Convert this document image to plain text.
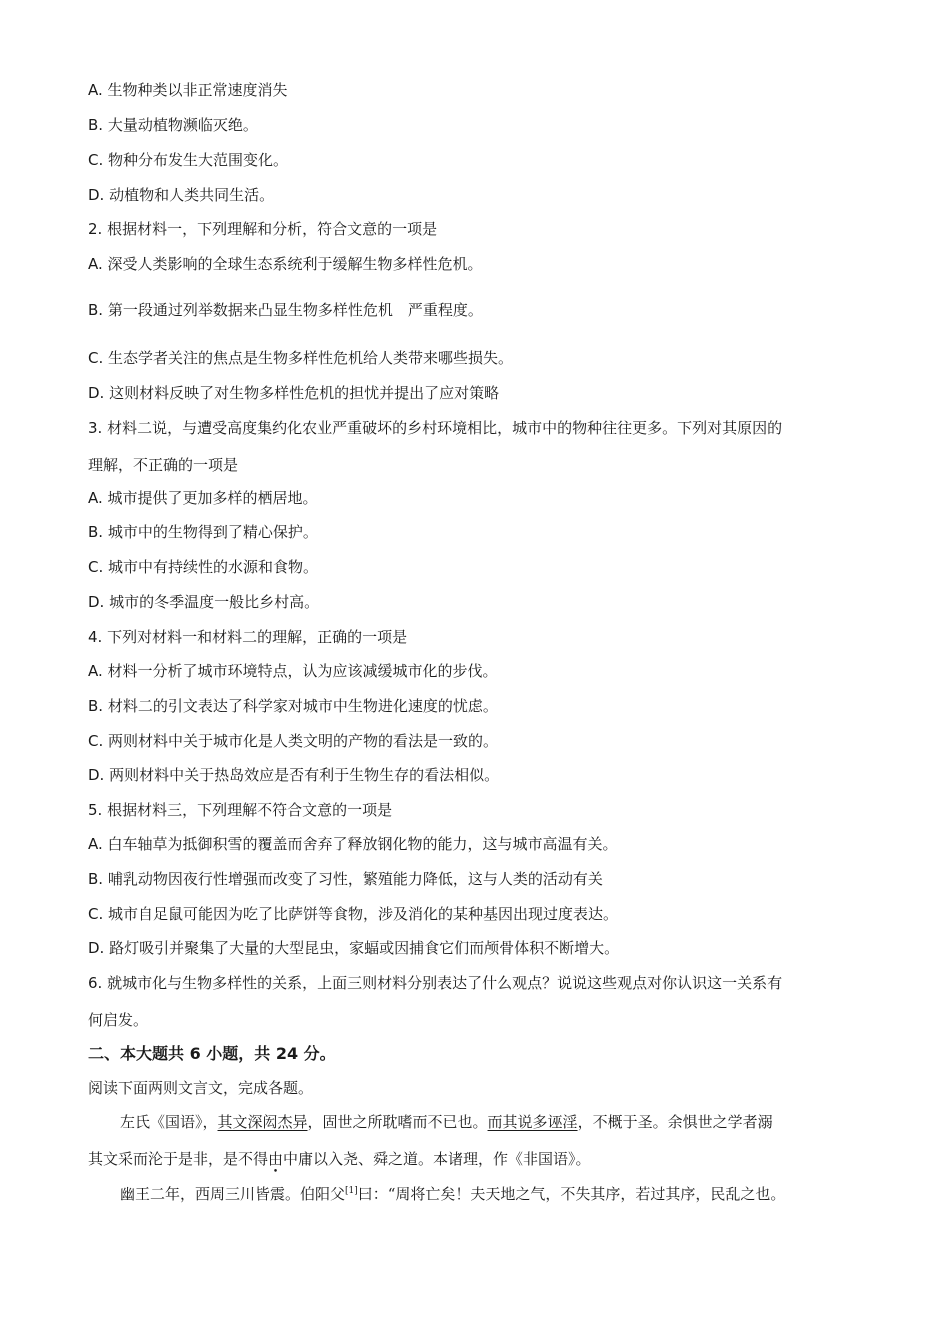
A. 生物种类以非正常速度消失
B. 大量动植物濒临灭绝。
C. 物种分布发生大范围变化。
D. 动植物和人类共同生活。
2. 根据材料一，下列理解和分析，符合文意的一项是
A. 深受人类影响的全球生态系统利于缓解生物多样性危机。
B. 第一段通过列举数据来凸显生物多样性危机　严重程度。
C. 生态学者关注的焦点是生物多样性危机给人类带来哪些损失。
D. 这则材料反映了对生物多样性危机的担忧并提出了应对策略
3. 材料二说，与遭受高度集约化农业严重破坏的乡村环境相比，城市中的物种往往更多。下列对其原因的
理解，不正确的一项是
A. 城市提供了更加多样的栖居地。
B. 城市中的生物得到了精心保护。
C. 城市中有持续性的水源和食物。
D. 城市的冬季温度一般比乡村高。
4. 下列对材料一和材料二的理解，正确的一项是
A. 材料一分析了城市环境特点，认为应该减缓城市化的步伐。
B. 材料二的引文表达了科学家对城市中生物进化速度的忧虑。
C. 两则材料中关于城市化是人类文明的产物的看法是一致的。
D. 两则材料中关于热岛效应是否有利于生物生存的看法相似。
5. 根据材料三，下列理解不符合文意的一项是
A. 白车轴草为抵御积雪的覆盖而舍弃了释放钢化物的能力，这与城市高温有关。
B. 哺乳动物因夜行性增强而改变了习性，繁殖能力降低，这与人类的活动有关
C. 城市自足鼠可能因为吃了比萨饼等食物，涉及消化的某种基因出现过度表达。
D. 路灯吸引并聚集了大量的大型昆虫，家蝠或因捕食它们而颅骨体积不断增大。
6. 就城市化与生物多样性的关系，上面三则材料分别表达了什么观点？说说这些观点对你认识这一关系有
何启发。
二、本大题共 6 小题，共 24 分。
阅读下面两则文言文，完成各题。
左氏《国语》，其文深闳杰异，固世之所耽嗜而不已也。而其说多诬淫，不概于圣。余惧世之学者溺
其文采而沦于是非，是不得由中庸以入尧、舜之道。本诸理，作《非国语》。
幽王二年，西周三川皆震。伯阳父[1]曰：“周将亡矣！夫天地之气，不失其序，若过其序，民乱之也。
